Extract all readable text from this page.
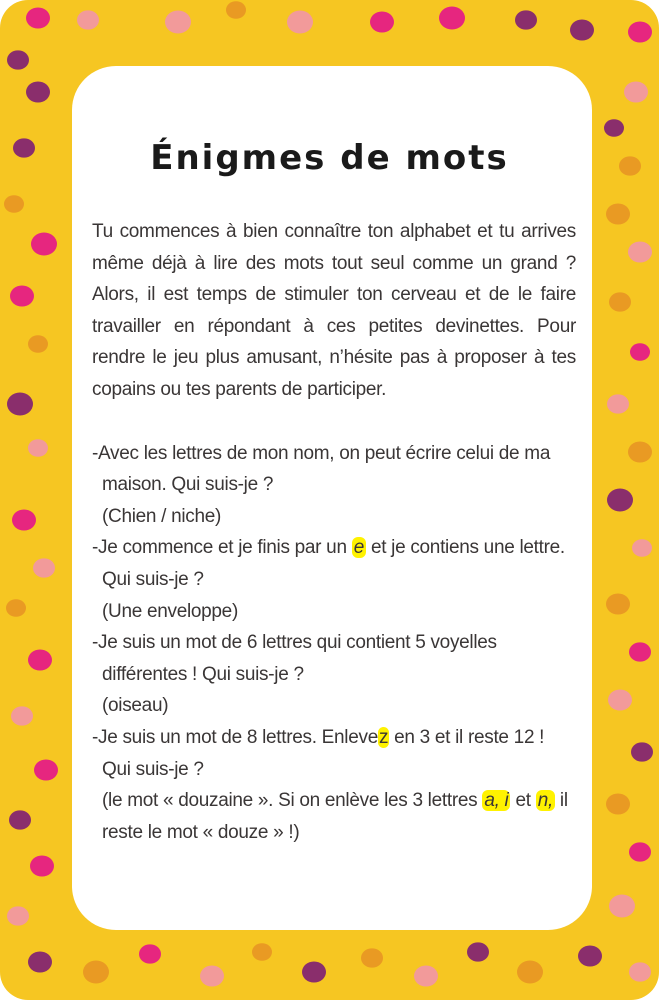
Énigmes de mots

Tu commences à bien connaître ton alphabet et tu arrives même déjà à lire des mots tout seul comme un grand ? Alors, il est temps de stimuler ton cerveau et de le faire travailler en répondant à ces petites devinettes. Pour rendre le jeu plus amusant, n’hésite pas à proposer à tes copains ou tes parents de participer.

-Avec les lettres de mon nom, on peut écrire celui de ma maison. Qui suis-je ?

(Chien / niche)

-Je commence et je finis par un e et je contiens une lettre. Qui suis-je ?

(Une enveloppe)

-Je suis un mot de 6 lettres qui contient 5 voyelles différentes ! Qui suis-je ?

(oiseau)

-Je suis un mot de 8 lettres. Enlevez en 3 et il reste 12 ! Qui suis-je ?

(le mot « douzaine ». Si on enlève les 3 lettres a, i et n, il reste le mot « douze » !)
